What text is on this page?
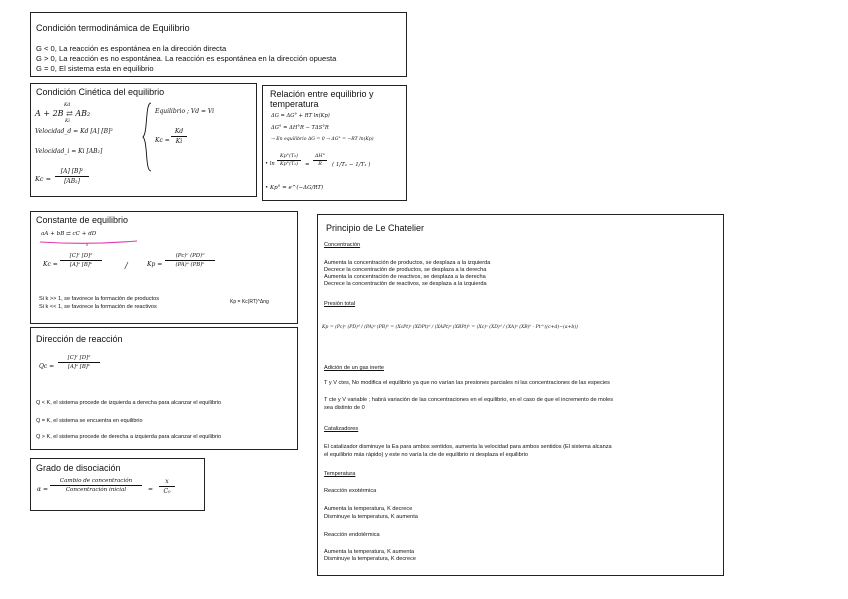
Condición termodinámica de Equilibrio
G < 0, La reacción es espontánea en la dirección directa
G > 0, La reacción es no espontánea. La reacción es espontánea en la dirección opuesta
G = 0, El sistema esta en equilibrio
Condición Cinética del equilibrio
A + 2B ⇄ AB₂
Kd
Ki
Velocidad_d = Kd [A] [B]²
Velocidad_i = Ki [AB₂]
Kc =
[A] [B]²
[AB₂]
Equilibrio ; Vd = Vi
Kc =
Kd
Ki
Relación entre equilibrio y
temperatura
ΔG = ΔG° + RT ln(Kp)
ΔG° = ΔH°R − TΔS°R
→ En equilibrio ΔG = 0 → ΔG° = −RT ln(Kp)
• ln
Kp°(T₂)
Kp°(T₁)	=
ΔH°
R	( 1/T₂ − 1/T₁ )
• Kp° = e^(−ΔG/RT)
Constante de equilibrio
aA + bB ⇄ cC + dD
Kc =
[C]ᶜ [D]ᵈ
[A]ᵃ [B]ᵇ	/	Kp =
(Pc)ᶜ (PD)ᵈ
(PA)ᵃ (PB)ᵇ
Si k >> 1, se favorece la formación de productos
Si k << 1, se favorece la formación de reactivos
Kp = Kc(RT)^Δng
Dirección de reacción
Qc =
[C]ᶜ [D]ᵈ
[A]ᵃ [B]ᵇ
Q < K, el sistema procede de izquierda a derecha para alcanzar el equilibrio
Q = K, el sistema se encuentra en equilibrio
Q > K, el sistema procede de derecha a izquierda para alcanzar el equilibrio
Grado de disociación
α =
Cambio de concentración
Concentración inicial	=
x
C₀
Principio de Le Chatelier
Concentración
Aumenta la concentración de productos, se desplaza a la izquierda
Decrece la concentración de productos, se desplaza a la derecha
Aumenta la concentración de reactivos, se desplaza a la derecha
Decrece la concentración de reactivos, se desplaza a la izquierda
Presión total
Kp = (Pc)ᶜ (PD)ᵈ / (PA)ᵃ (PB)ᵇ = (XcPt)ᶜ (XDPt)ᵈ / (XAPt)ᵃ (XBPt)ᵇ = (Xc)ᶜ (XD)ᵈ / (XA)ᵃ (XB)ᵇ · Pt^((c+d)−(a+b))
Adición de un gas inerte
T y V ctes, No modifica el equilibrio ya que no varían las presiones parciales ni las concentraciones de las especies
T cte y V variable ; habrá variación de las concentraciones en el equilibrio, en el caso de que el incremento de moles
sea distinto de 0
Catalizadores
El catalizador disminuye la Ea para ambos sentidos, aumenta la velocidad para ambos sentidos (El sistema alcanza
el equilibrio más rápido) y este no varía la cte de equilibrio ni desplaza el equilibrio
Temperatura
Reacción exotérmica
Aumenta la temperatura, K decrece
Disminuye la temperatura, K aumenta
Reacción endotérmica
Aumenta la temperatura, K aumenta
Disminuye la temperatura, K decrece
